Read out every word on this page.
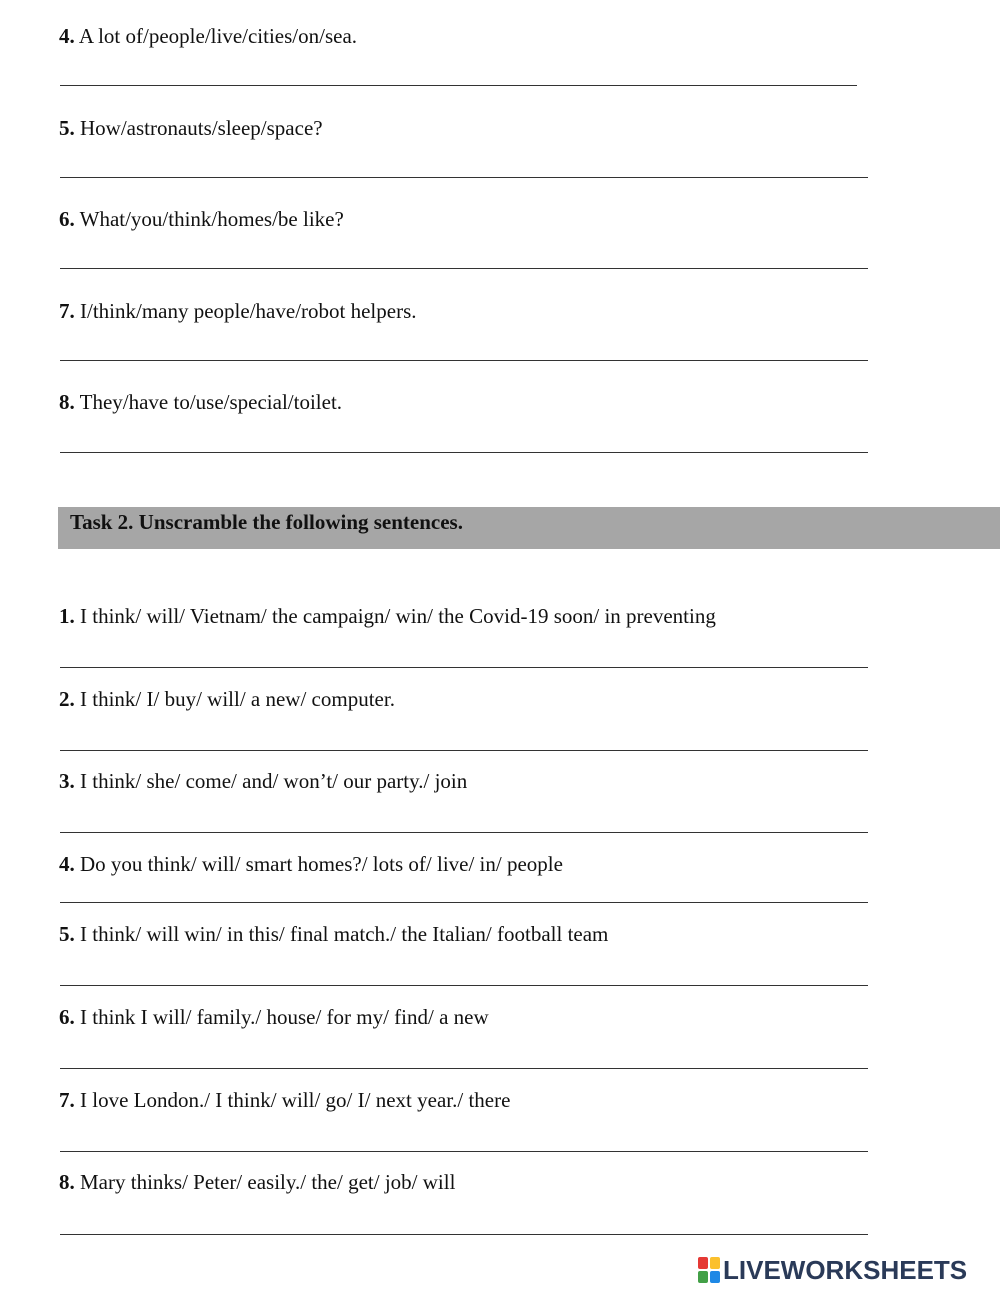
4. A lot of/people/live/cities/on/sea.
5. How/astronauts/sleep/space?
6. What/you/think/homes/be like?
7. I/think/many people/have/robot helpers.
8. They/have to/use/special/toilet.
Task 2. Unscramble the following sentences.
1. I think/ will/ Vietnam/ the campaign/ win/ the Covid-19 soon/ in preventing
2. I think/ I/ buy/ will/ a new/ computer.
3. I think/ she/ come/ and/ won’t/ our party./ join
4. Do you think/ will/ smart homes?/ lots of/ live/ in/ people
5. I think/ will win/ in this/ final match./ the Italian/ football team
6. I think I will/ family./ house/ for my/ find/ a new
7. I love London./ I think/ will/ go/ I/ next year./ there
8. Mary thinks/ Peter/ easily./ the/ get/ job/ will
LIVEWORKSHEETS
